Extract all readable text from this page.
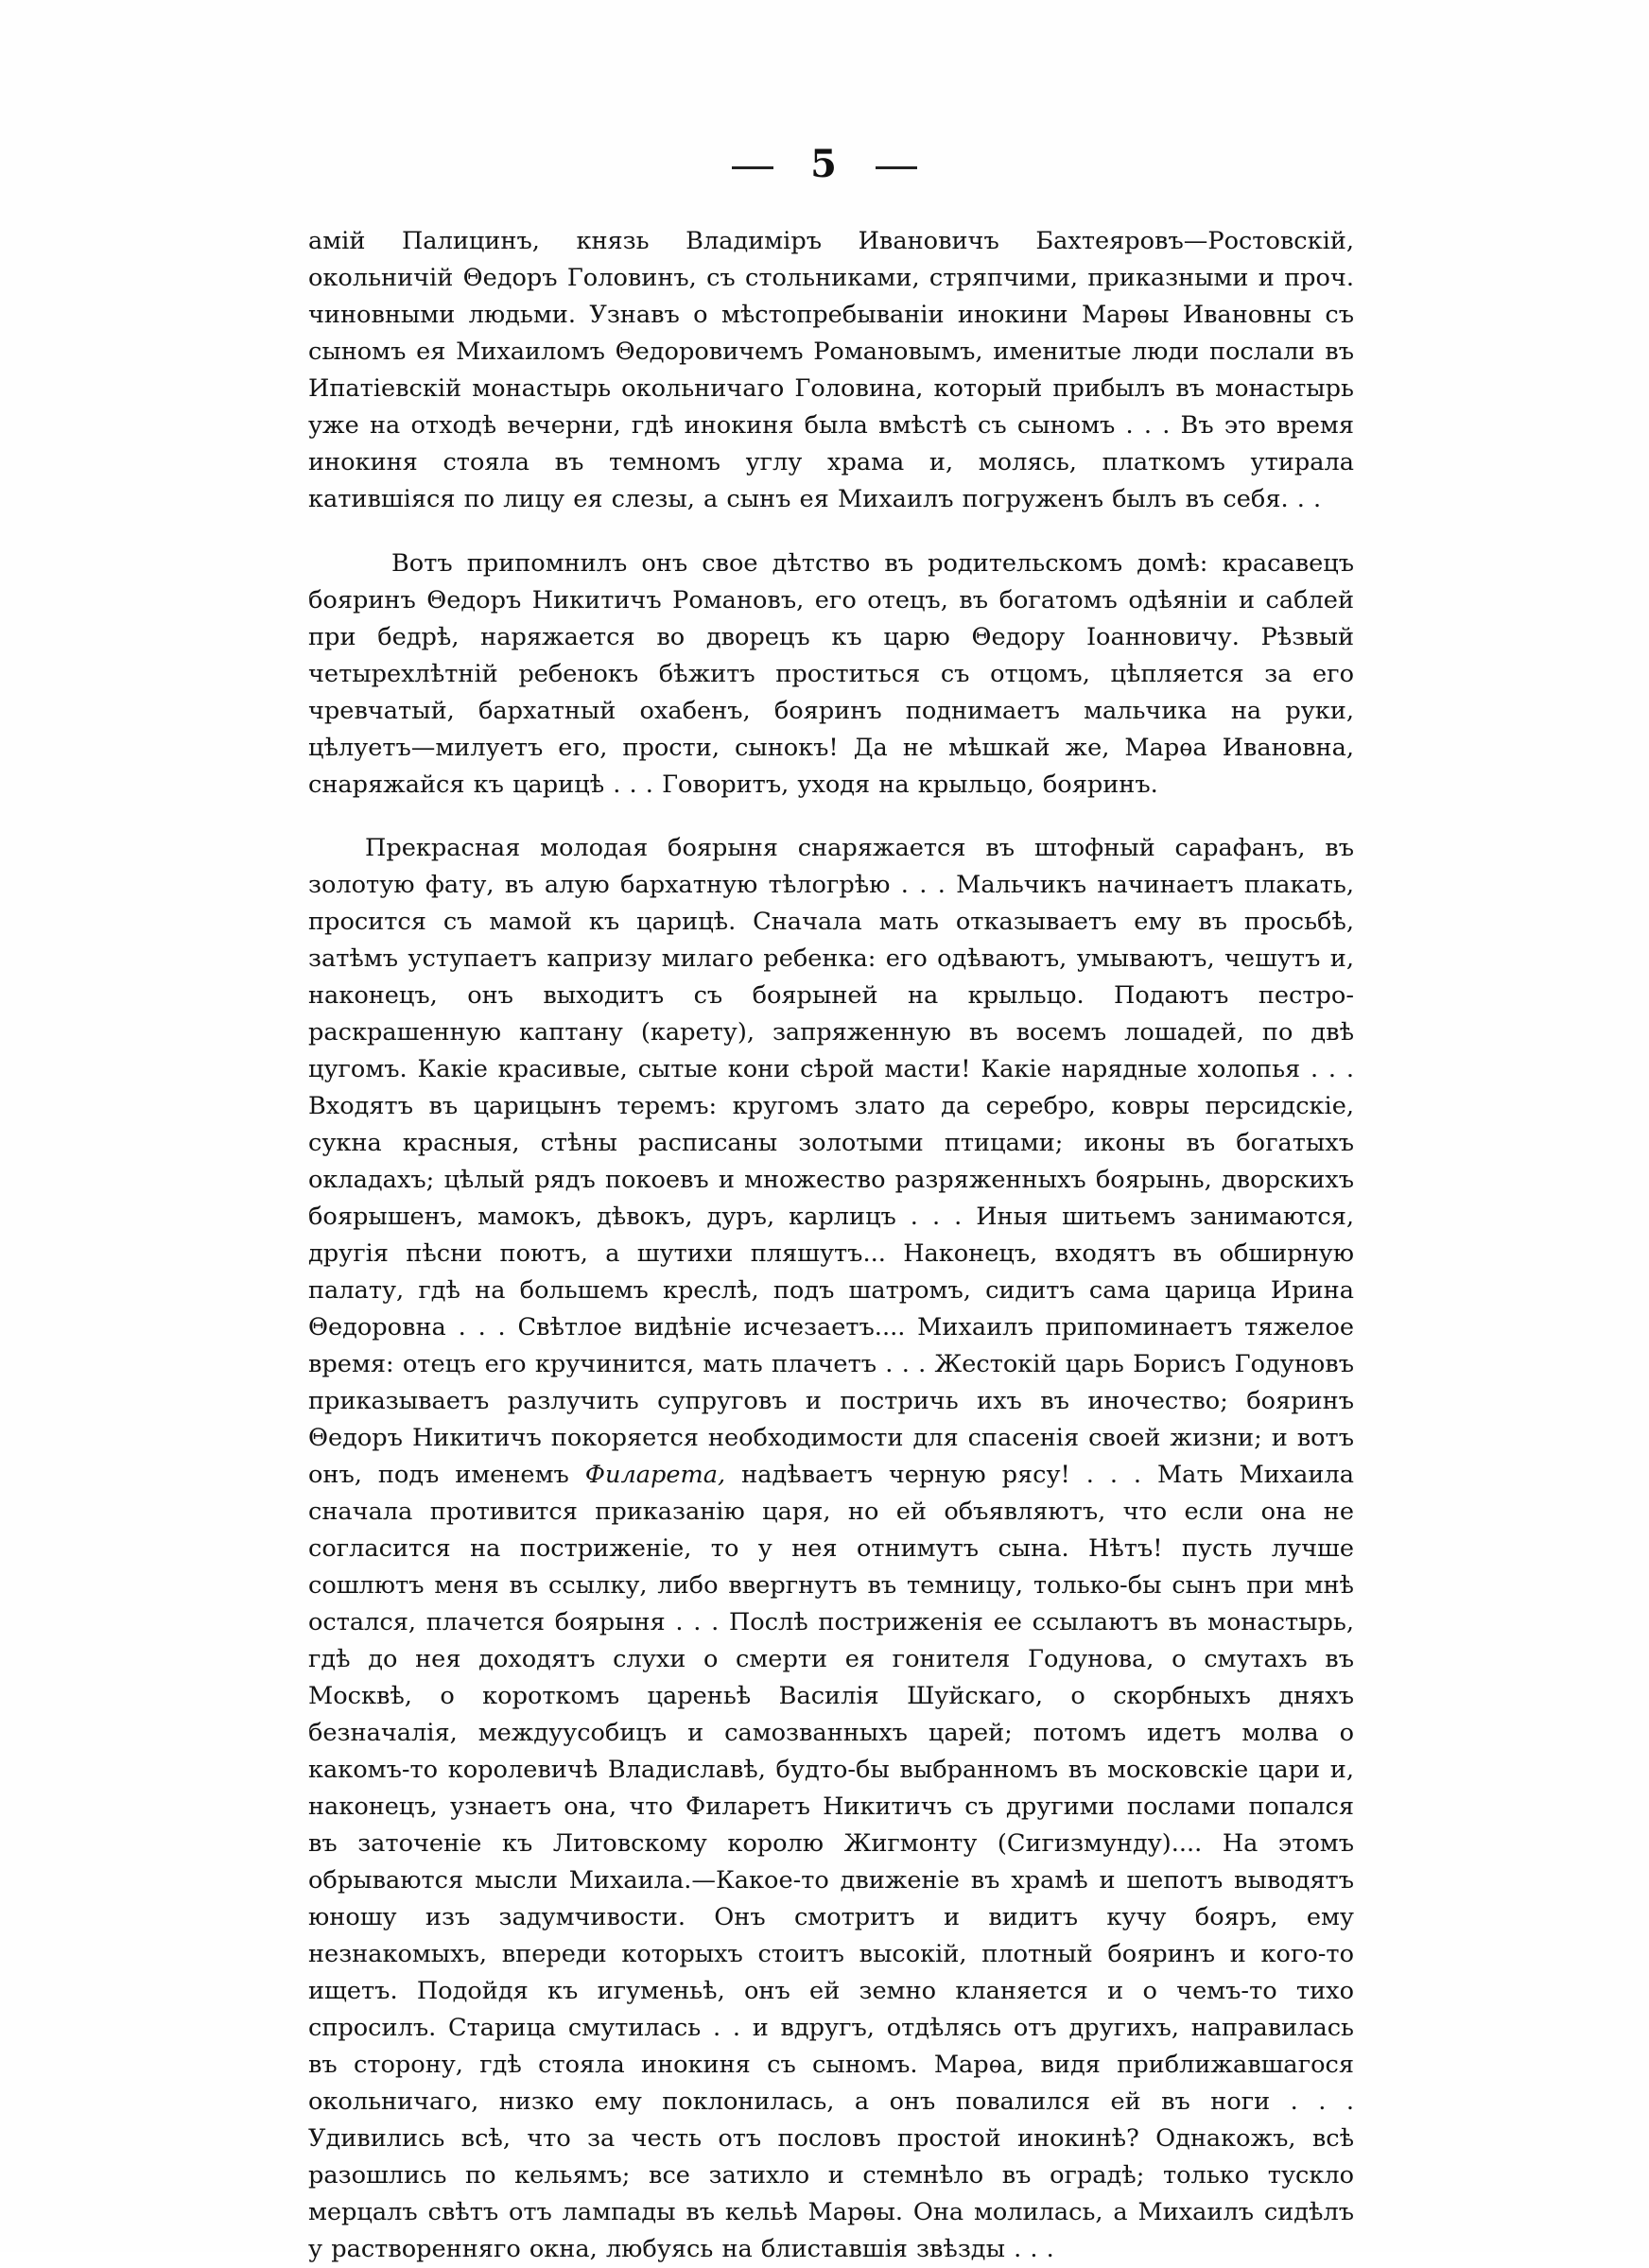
5

амій Палицинъ, князь Владиміръ Ивановичъ Бахтеяровъ—Ростовскій, окольничій Θедоръ Головинъ, съ стольниками, стряпчими, приказными и проч. чиновными людьми. Узнавъ о мѣстопребываніи инокини Марѳы Ивановны съ сыномъ ея Михаиломъ Θедоровичемъ Романовымъ, именитые люди послали въ Ипатіевскій монастырь окольничаго Головина, который прибылъ въ монастырь уже на отходѣ вечерни, гдѣ инокиня была вмѣстѣ съ сыномъ . . . Въ это время инокиня стояла въ темномъ углу храма и, молясь, платкомъ утирала катившіяся по лицу ея слезы, а сынъ ея Михаилъ погруженъ былъ въ себя. . .

Вотъ припомнилъ онъ свое дѣтство въ родительскомъ домѣ: красавецъ бояринъ Θедоръ Никитичъ Романовъ, его отецъ, въ богатомъ одѣяніи и саблей при бедрѣ, наряжается во дворецъ къ царю Θедору Іоанновичу. Рѣзвый четырехлѣтній ребенокъ бѣжитъ проститься съ отцомъ, цѣпляется за его чревчатый, бархатный охабенъ, бояринъ поднимаетъ мальчика на руки, цѣлуетъ—милуетъ его, прости, сынокъ! Да не мѣшкай же, Марѳа Ивановна, снаряжайся къ царицѣ . . . Говоритъ, уходя на крыльцо, бояринъ.

Прекрасная молодая боярыня снаряжается въ штофный сарафанъ, въ золотую фату, въ алую бархатную тѣлогрѣю . . . Мальчикъ начинаетъ плакать, просится съ мамой къ царицѣ. Сначала мать отказываетъ ему въ просьбѣ, затѣмъ уступаетъ капризу милаго ребенка: его одѣваютъ, умываютъ, чешутъ и, наконецъ, онъ выходитъ съ боярыней на крыльцо. Подаютъ пестро-раскрашенную каптану (карету), запряженную въ восемъ лошадей, по двѣ цугомъ. Какіе красивые, сытые кони сѣрой масти! Какіе нарядные холопья . . . Входятъ въ царицынъ теремъ: кругомъ злато да серебро, ковры персидскіе, сукна красныя, стѣны расписаны золотыми птицами; иконы въ богатыхъ окладахъ; цѣлый рядъ покоевъ и множество разряженныхъ боярынь, дворскихъ боярышенъ, мамокъ, дѣвокъ, дуръ, карлицъ . . . Иныя шитьемъ занимаются, другія пѣсни поютъ, а шутихи пляшутъ... Наконецъ, входятъ въ обширную палату, гдѣ на большемъ креслѣ, подъ шатромъ, сидитъ сама царица Ирина Θедоровна . . . Свѣтлое видѣніе исчезаетъ.... Михаилъ припоминаетъ тяжелое время: отецъ его кручинится, мать плачетъ . . . Жестокій царь Борисъ Годуновъ приказываетъ разлучить супруговъ и постричь ихъ въ иночество; бояринъ Θедоръ Никитичъ покоряется необходимости для спасенія своей жизни; и вотъ онъ, подъ именемъ Филарета, надѣваетъ черную рясу! . . . Мать Михаила сначала противится приказанію царя, но ей объявляютъ, что если она не согласится на постриженіе, то у нея отнимутъ сына. Нѣтъ! пусть лучше сошлютъ меня въ ссылку, либо ввергнутъ въ темницу, только-бы сынъ при мнѣ остался, плачется боярыня . . . Послѣ постриженія ее ссылаютъ въ монастырь, гдѣ до нея доходятъ слухи о смерти ея гонителя Годунова, о смутахъ въ Москвѣ, о короткомъ цареньѣ Василія Шуйскаго, о скорбныхъ дняхъ безначалія, междуусобицъ и самозванныхъ царей; потомъ идетъ молва о какомъ-то королевичѣ Владиславѣ, будто-бы выбранномъ въ московскіе цари и, наконецъ, узнаетъ она, что Филаретъ Никитичъ съ другими послами попался въ заточеніе къ Литовскому королю Жигмонту (Сигизмунду).... На этомъ обрываются мысли Михаила.—Какое-то движеніе въ храмѣ и шепотъ выводятъ юношу изъ задумчивости. Онъ смотритъ и видитъ кучу бояръ, ему незнакомыхъ, впереди которыхъ стоитъ высокій, плотный бояринъ и кого-то ищетъ. Подойдя къ игуменьѣ, онъ ей земно кланяется и о чемъ-то тихо спросилъ. Старица смутилась . . и вдругъ, отдѣлясь отъ другихъ, направилась въ сторону, гдѣ стояла инокиня съ сыномъ. Марѳа, видя приближавшагося окольничаго, низко ему поклонилась, а онъ повалился ей въ ноги . . . Удивились всѣ, что за честь отъ пословъ простой инокинѣ? Однакожъ, всѣ разошлись по кельямъ; все затихло и стемнѣло въ оградѣ; только тускло мерцалъ свѣтъ отъ лампады въ кельѣ Марѳы. Она молилась, а Михаилъ сидѣлъ у растворенняго окна, любуясь на блиставшія звѣзды . . .
